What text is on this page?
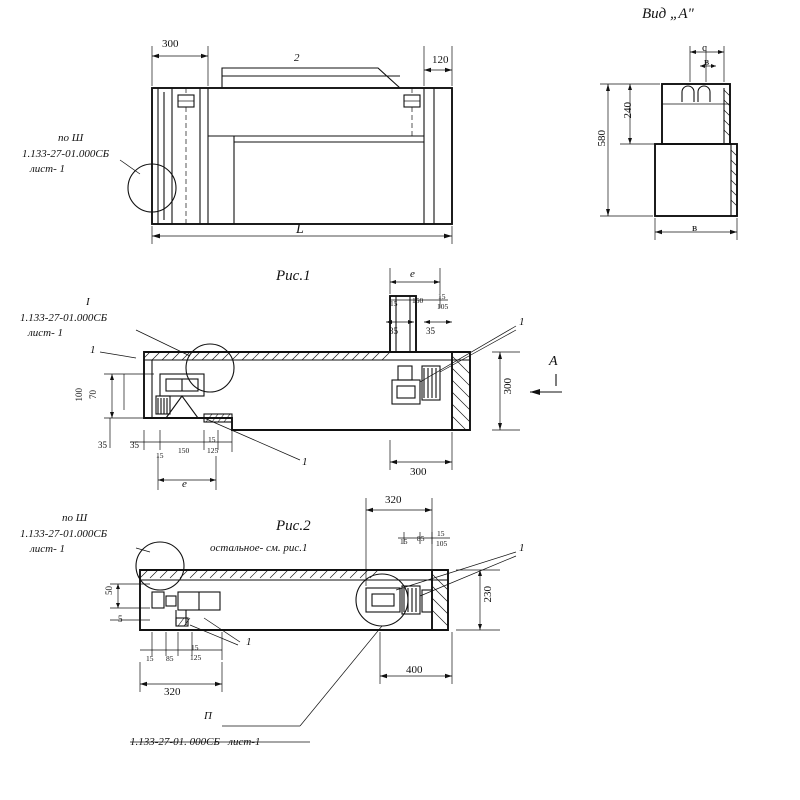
Вид „А"
300
120
2
L
по Ш
1.133-27-01.000СБ
лист- 1
с
в
240
580
в
Рис.1
I
1.133-27-01.000СБ
лист- 1
е
15 150 15
105
35	35
100 70
35	35
15
150
15
125
е
300
300
А
1
1
1
Рис.2
остальное- см. рис.1
по Ш
1.133-27-01.000СБ
лист- 1
320
15 85
15
105
50
5
15 85
15
125
320
230
400
1
1
П
1.133-27-01. 000СБ   лист-1
